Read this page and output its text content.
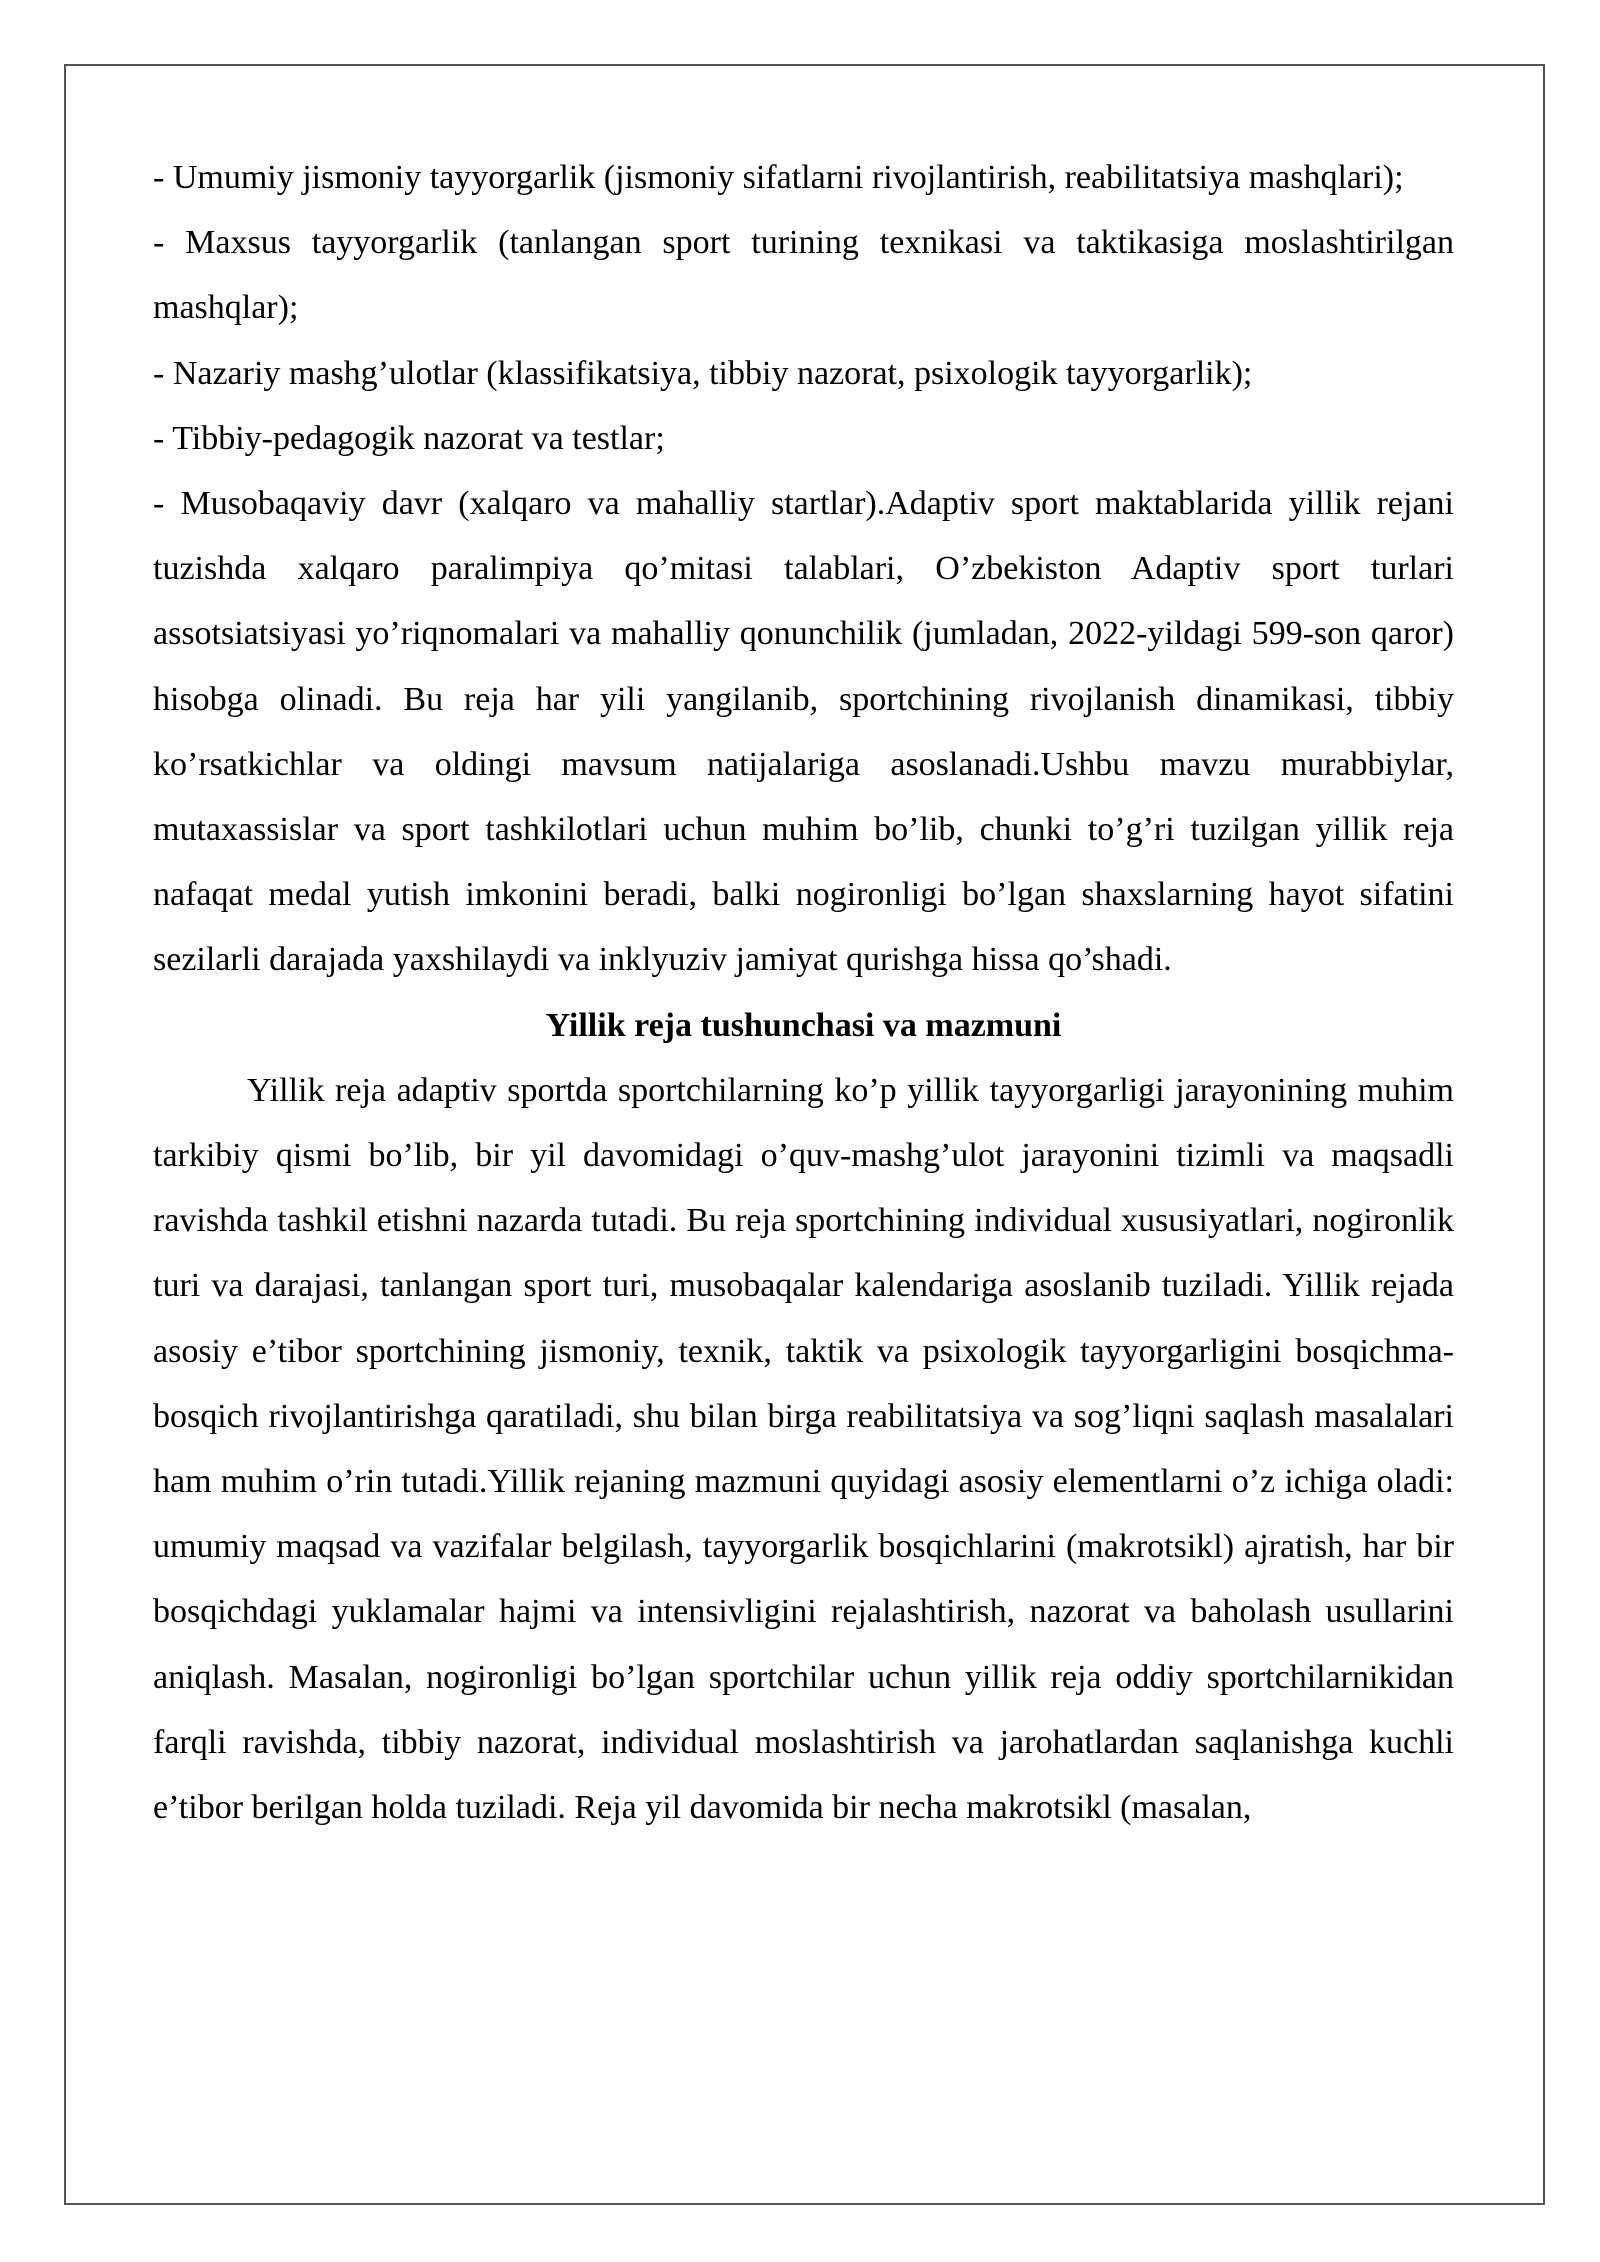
- Umumiy jismoniy tayyorgarlik (jismoniy sifatlarni rivojlantirish, reabilitatsiya mashqlari);

- Maxsus tayyorgarlik (tanlangan sport turining texnikasi va taktikasiga moslashtirilgan mashqlar);

- Nazariy mashg’ulotlar (klassifikatsiya, tibbiy nazorat, psixologik tayyorgarlik);

- Tibbiy-pedagogik nazorat va testlar;

- Musobaqaviy davr (xalqaro va mahalliy startlar).Adaptiv sport maktablarida yillik rejani tuzishda xalqaro paralimpiya qo’mitasi talablari, O’zbekiston Adaptiv sport turlari assotsiatsiyasi yo’riqnomalari va mahalliy qonunchilik (jumladan, 2022-yildagi 599-son qaror) hisobga olinadi. Bu reja har yili yangilanib, sportchining rivojlanish dinamikasi, tibbiy ko’rsatkichlar va oldingi mavsum natijalariga asoslanadi.Ushbu mavzu murabbiylar, mutaxassislar va sport tashkilotlari uchun muhim bo’lib, chunki to’g’ri tuzilgan yillik reja nafaqat medal yutish imkonini beradi, balki nogironligi bo’lgan shaxslarning hayot sifatini sezilarli darajada yaxshilaydi va inklyuziv jamiyat qurishga hissa qo’shadi.

Yillik reja tushunchasi va mazmuni

Yillik reja adaptiv sportda sportchilarning ko’p yillik tayyorgarligi jarayonining muhim tarkibiy qismi bo’lib, bir yil davomidagi o’quv-mashg’ulot jarayonini tizimli va maqsadli ravishda tashkil etishni nazarda tutadi. Bu reja sportchining individual xususiyatlari, nogironlik turi va darajasi, tanlangan sport turi, musobaqalar kalendariga asoslanib tuziladi. Yillik rejada asosiy e’tibor sportchining jismoniy, texnik, taktik va psixologik tayyorgarligini bosqichma-bosqich rivojlantirishga qaratiladi, shu bilan birga reabilitatsiya va sog’liqni saqlash masalalari ham muhim o’rin tutadi.Yillik rejaning mazmuni quyidagi asosiy elementlarni o’z ichiga oladi: umumiy maqsad va vazifalar belgilash, tayyorgarlik bosqichlarini (makrotsikl) ajratish, har bir bosqichdagi yuklamalar hajmi va intensivligini rejalashtirish, nazorat va baholash usullarini aniqlash. Masalan, nogironligi bo’lgan sportchilar uchun yillik reja oddiy sportchilarnikidan farqli ravishda, tibbiy nazorat, individual moslashtirish va jarohatlardan saqlanishga kuchli e’tibor berilgan holda tuziladi. Reja yil davomida bir necha makrotsikl (masalan,
